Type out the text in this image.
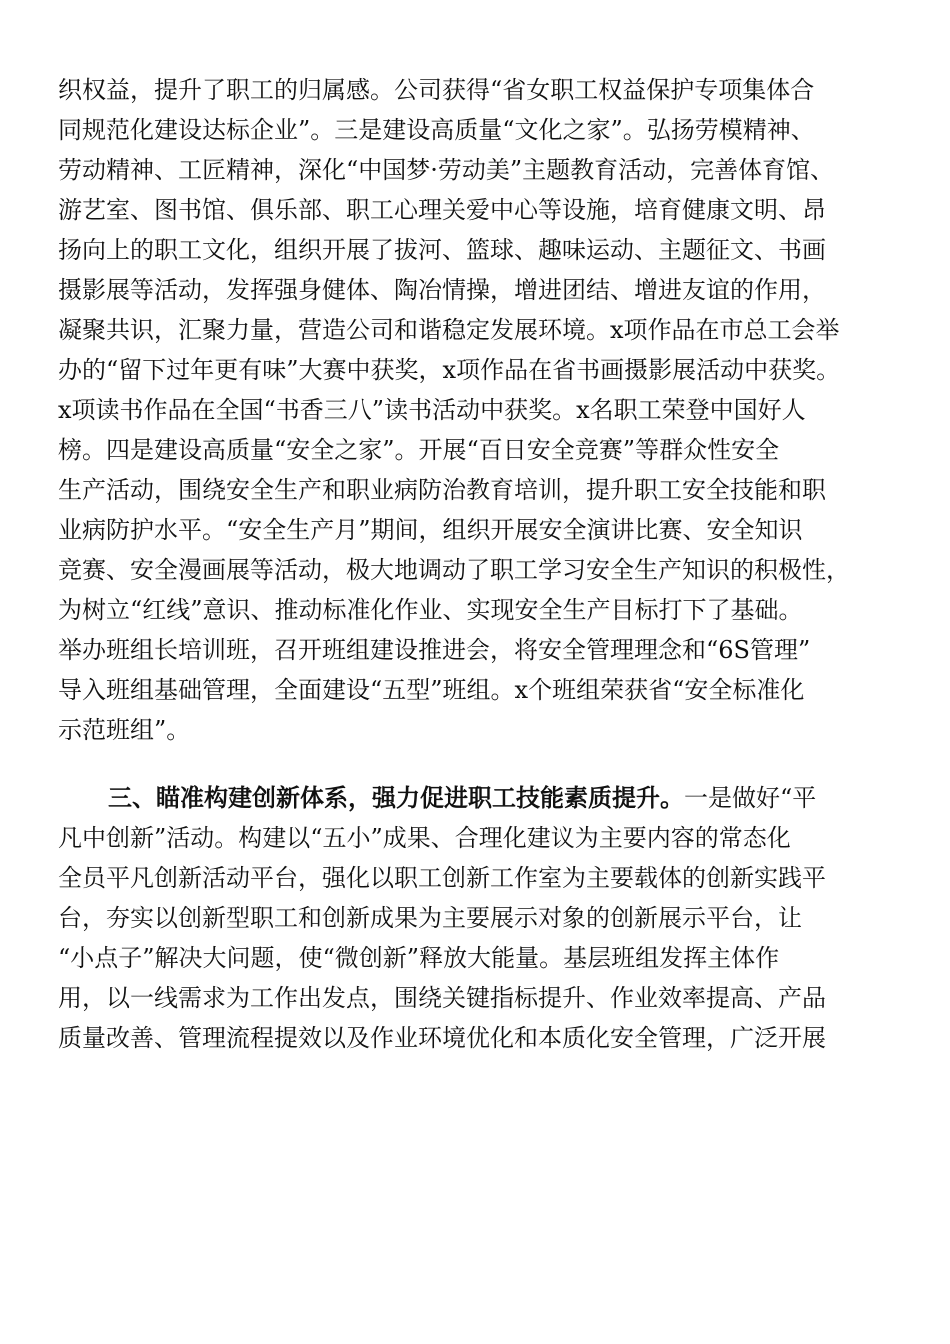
织权益，提升了职工的归属感。公司获得“省女职工权益保护专项集体合
同规范化建设达标企业”。三是建设高质量“文化之家”。弘扬劳模精神、
劳动精神、工匠精神，深化“中国梦·劳动美”主题教育活动，完善体育馆、
游艺室、图书馆、俱乐部、职工心理关爱中心等设施，培育健康文明、昂
扬向上的职工文化，组织开展了拔河、篮球、趣味运动、主题征文、书画
摄影展等活动，发挥强身健体、陶冶情操，增进团结、增进友谊的作用，
凝聚共识，汇聚力量，营造公司和谐稳定发展环境。x项作品在市总工会举
办的“留下过年更有味”大赛中获奖，x项作品在省书画摄影展活动中获奖。
x项读书作品在全国“书香三八”读书活动中获奖。x名职工荣登中国好人
榜。四是建设高质量“安全之家”。开展“百日安全竞赛”等群众性安全
生产活动，围绕安全生产和职业病防治教育培训，提升职工安全技能和职
业病防护水平。“安全生产月”期间，组织开展安全演讲比赛、安全知识
竞赛、安全漫画展等活动，极大地调动了职工学习安全生产知识的积极性，
为树立“红线”意识、推动标准化作业、实现安全生产目标打下了基础。
举办班组长培训班，召开班组建设推进会，将安全管理理念和“6S管理”
导入班组基础管理，全面建设“五型”班组。x个班组荣获省“安全标准化
示范班组”。
三、瞄准构建创新体系，强力促进职工技能素质提升。一是做好“平
凡中创新”活动。构建以“五小”成果、合理化建议为主要内容的常态化
全员平凡创新活动平台，强化以职工创新工作室为主要载体的创新实践平
台，夯实以创新型职工和创新成果为主要展示对象的创新展示平台，让
“小点子”解决大问题，使“微创新”释放大能量。基层班组发挥主体作
用，以一线需求为工作出发点，围绕关键指标提升、作业效率提高、产品
质量改善、管理流程提效以及作业环境优化和本质化安全管理，广泛开展
